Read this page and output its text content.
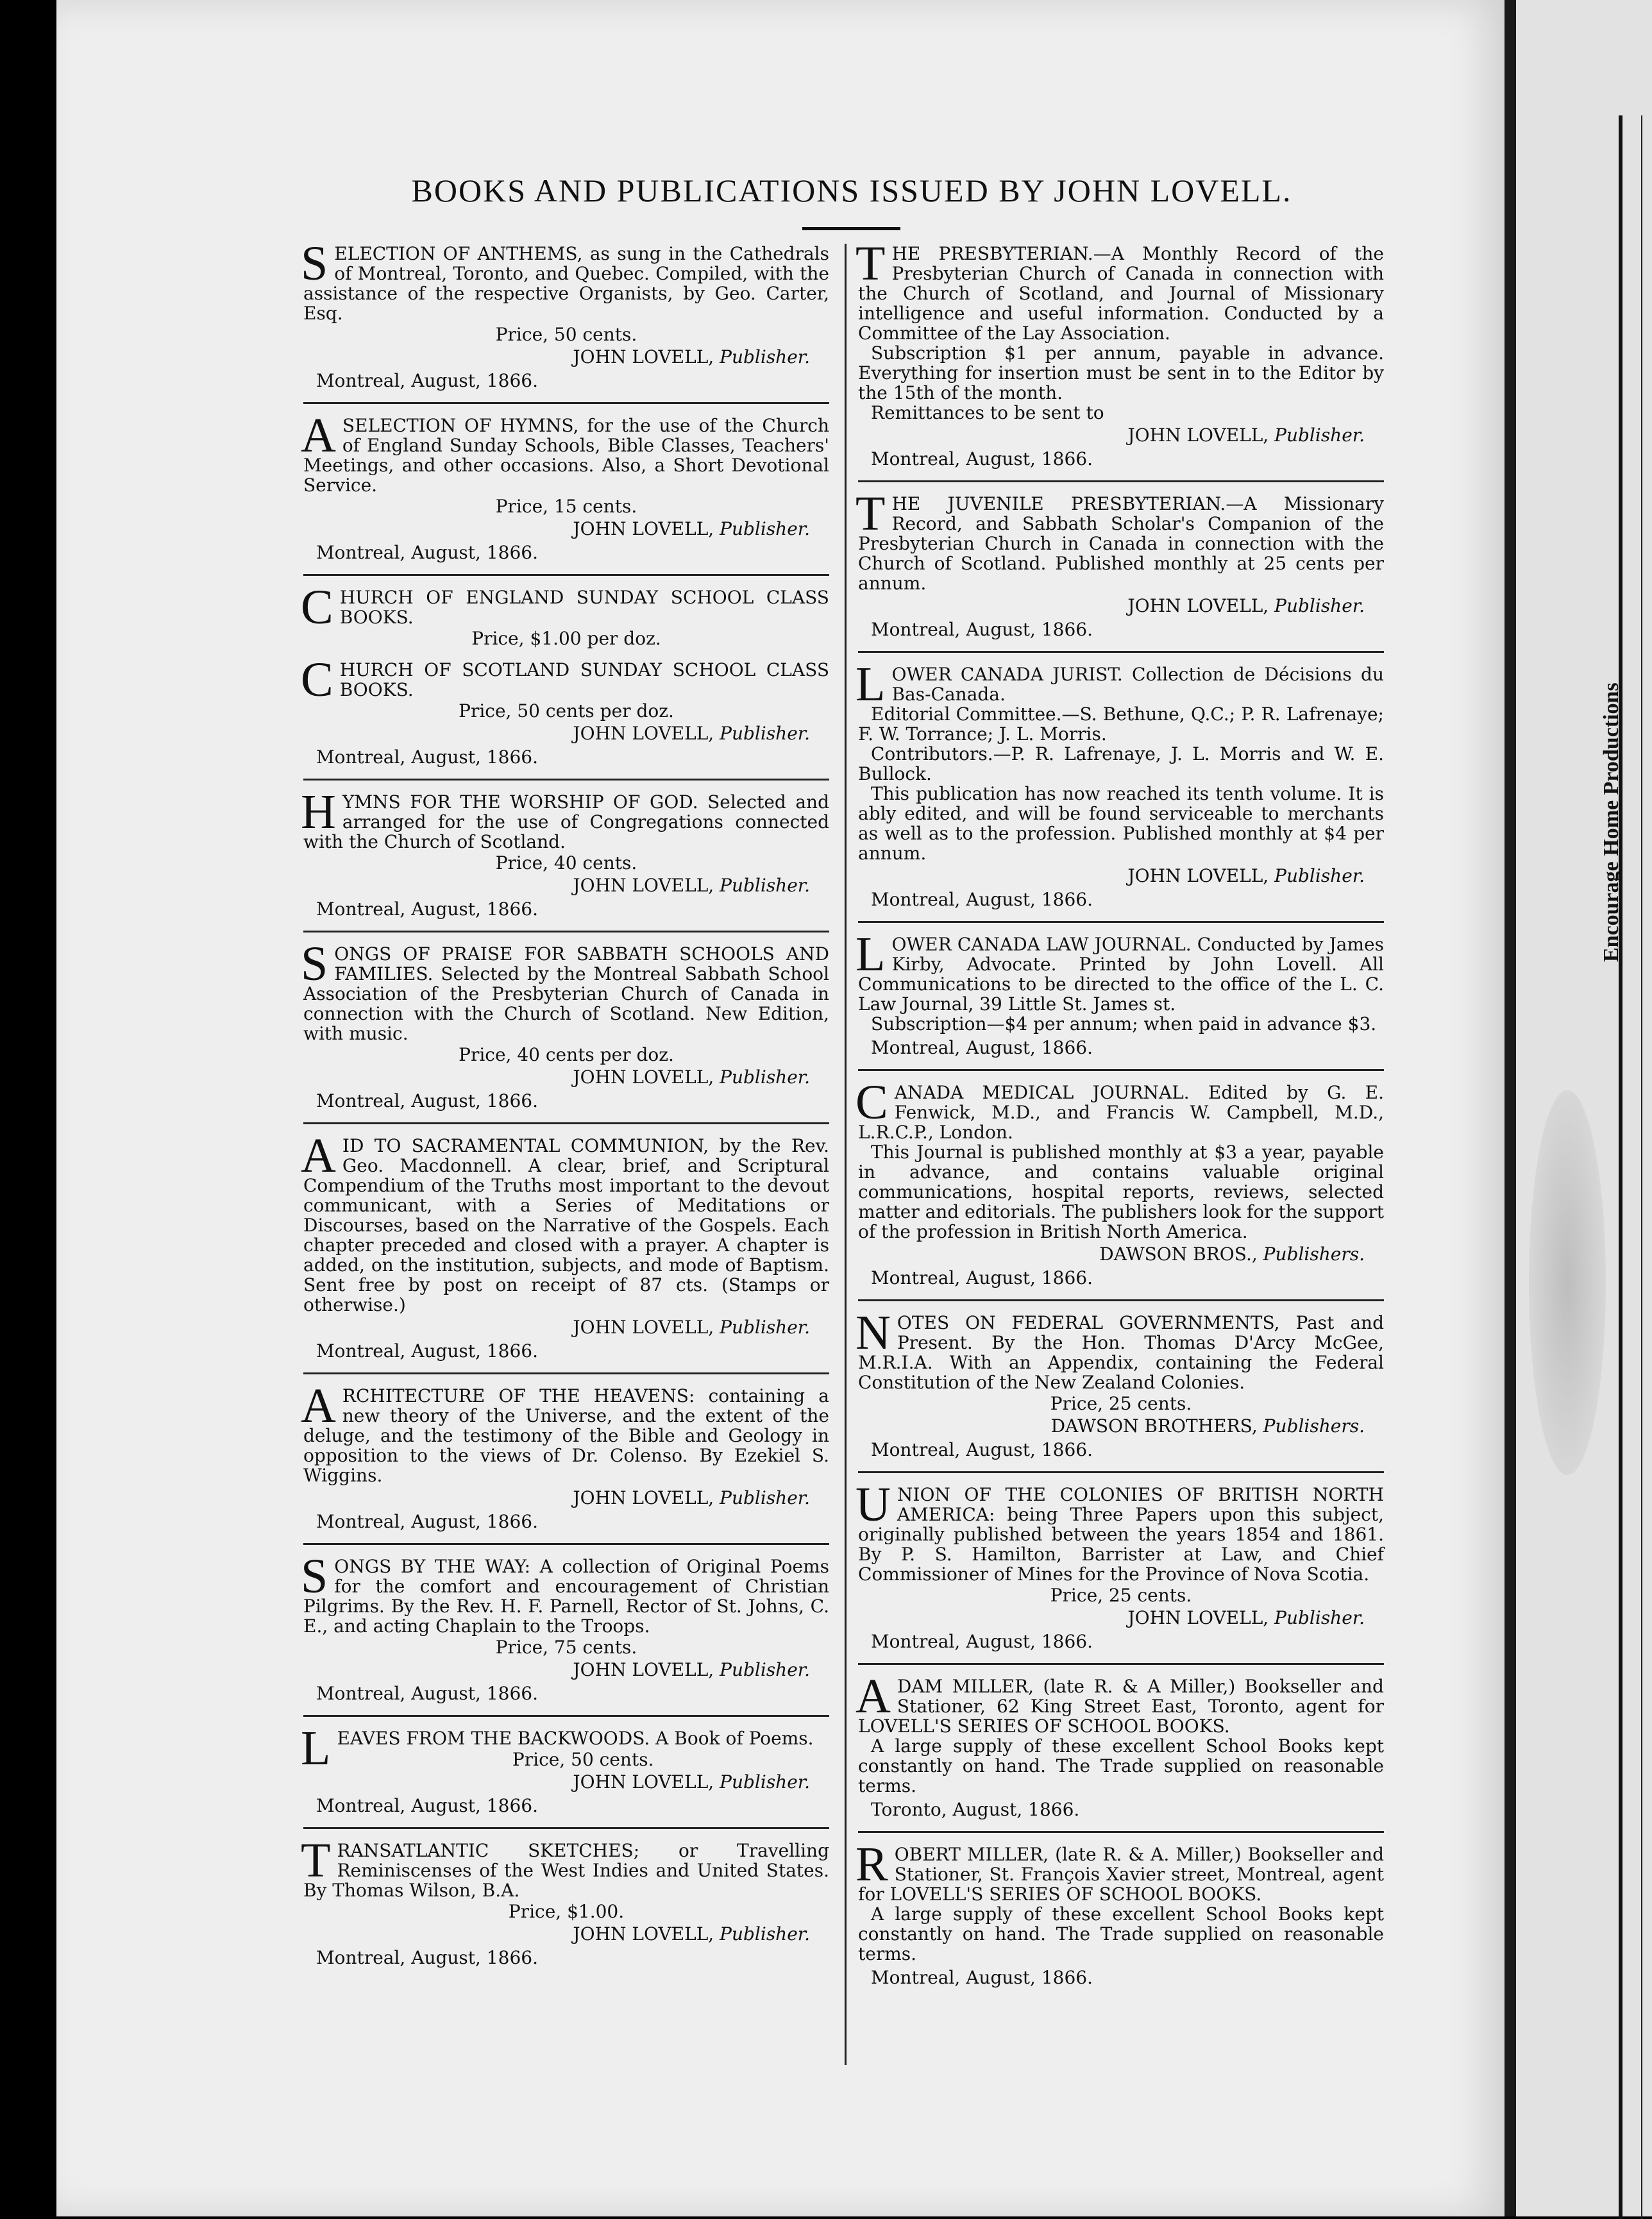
BOOKS AND PUBLICATIONS ISSUED BY JOHN LOVELL.

SELECTION OF ANTHEMS, as sung in the Cathedrals of Montreal, Toronto, and Quebec. Compiled, with the assistance of the respective Organists, by Geo. Carter, Esq.

Price, 50 cents.

JOHN LOVELL, Publisher.

Montreal, August, 1866.

ASELECTION OF HYMNS, for the use of the Church of England Sunday Schools, Bible Classes, Teachers' Meetings, and other occasions. Also, a Short Devotional Service.

Price, 15 cents.

JOHN LOVELL, Publisher.

Montreal, August, 1866.

CHURCH OF ENGLAND SUNDAY SCHOOL CLASS BOOKS.

Price, $1.00 per doz.

CHURCH OF SCOTLAND SUNDAY SCHOOL CLASS BOOKS.

Price, 50 cents per doz.

JOHN LOVELL, Publisher.

Montreal, August, 1866.

HYMNS FOR THE WORSHIP OF GOD. Selected and arranged for the use of Congregations connected with the Church of Scotland.

Price, 40 cents.

JOHN LOVELL, Publisher.

Montreal, August, 1866.

SONGS OF PRAISE FOR SABBATH SCHOOLS AND FAMILIES. Selected by the Montreal Sabbath School Association of the Presbyterian Church of Canada in connection with the Church of Scotland. New Edition, with music.

Price, 40 cents per doz.

JOHN LOVELL, Publisher.

Montreal, August, 1866.

AID TO SACRAMENTAL COMMUNION, by the Rev. Geo. Macdonnell. A clear, brief, and Scriptural Compendium of the Truths most important to the devout communicant, with a Series of Meditations or Discourses, based on the Narrative of the Gospels. Each chapter preceded and closed with a prayer. A chapter is added, on the institution, subjects, and mode of Baptism. Sent free by post on receipt of 87 cts. (Stamps or otherwise.)

JOHN LOVELL, Publisher.

Montreal, August, 1866.

ARCHITECTURE OF THE HEAVENS: containing a new theory of the Universe, and the extent of the deluge, and the testimony of the Bible and Geology in opposition to the views of Dr. Colenso. By Ezekiel S. Wiggins.

JOHN LOVELL, Publisher.

Montreal, August, 1866.

SONGS BY THE WAY: A collection of Original Poems for the comfort and encouragement of Christian Pilgrims. By the Rev. H. F. Parnell, Rector of St. Johns, C. E., and acting Chaplain to the Troops.

Price, 75 cents.

JOHN LOVELL, Publisher.

Montreal, August, 1866.

LEAVES FROM THE BACKWOODS. A Book of Poems.

Price, 50 cents.

JOHN LOVELL, Publisher.

Montreal, August, 1866.

TRANSATLANTIC SKETCHES; or Travelling Reminiscenses of the West Indies and United States. By Thomas Wilson, B.A.

Price, $1.00.

JOHN LOVELL, Publisher.

Montreal, August, 1866.

THE PRESBYTERIAN.—A Monthly Record of the Presbyterian Church of Canada in connection with the Church of Scotland, and Journal of Missionary intelligence and useful information. Conducted by a Committee of the Lay Association.

Subscription $1 per annum, payable in advance. Everything for insertion must be sent in to the Editor by the 15th of the month.

Remittances to be sent to

JOHN LOVELL, Publisher.

Montreal, August, 1866.

THE JUVENILE PRESBYTERIAN.—A Missionary Record, and Sabbath Scholar's Companion of the Presbyterian Church in Canada in connection with the Church of Scotland. Published monthly at 25 cents per annum.

JOHN LOVELL, Publisher.

Montreal, August, 1866.

LOWER CANADA JURIST. Collection de Décisions du Bas-Canada.

Editorial Committee.—S. Bethune, Q.C.; P. R. Lafrenaye; F. W. Torrance; J. L. Morris.

Contributors.—P. R. Lafrenaye, J. L. Morris and W. E. Bullock.

This publication has now reached its tenth volume. It is ably edited, and will be found serviceable to merchants as well as to the profession. Published monthly at $4 per annum.

JOHN LOVELL, Publisher.

Montreal, August, 1866.

LOWER CANADA LAW JOURNAL. Conducted by James Kirby, Advocate. Printed by John Lovell. All Communications to be directed to the office of the L. C. Law Journal, 39 Little St. James st.

Subscription—$4 per annum; when paid in advance $3.

Montreal, August, 1866.

CANADA MEDICAL JOURNAL. Edited by G. E. Fenwick, M.D., and Francis W. Campbell, M.D., L.R.C.P., London.

This Journal is published monthly at $3 a year, payable in advance, and contains valuable original communications, hospital reports, reviews, selected matter and editorials. The publishers look for the support of the profession in British North America.

DAWSON BROS., Publishers.

Montreal, August, 1866.

NOTES ON FEDERAL GOVERNMENTS, Past and Present. By the Hon. Thomas D'Arcy McGee, M.R.I.A. With an Appendix, containing the Federal Constitution of the New Zealand Colonies.

Price, 25 cents.

DAWSON BROTHERS, Publishers.

Montreal, August, 1866.

UNION OF THE COLONIES OF BRITISH NORTH AMERICA: being Three Papers upon this subject, originally published between the years 1854 and 1861. By P. S. Hamilton, Barrister at Law, and Chief Commissioner of Mines for the Province of Nova Scotia.

Price, 25 cents.

JOHN LOVELL, Publisher.

Montreal, August, 1866.

ADAM MILLER, (late R. & A Miller,) Bookseller and Stationer, 62 King Street East, Toronto, agent for LOVELL'S SERIES OF SCHOOL BOOKS.

A large supply of these excellent School Books kept constantly on hand. The Trade supplied on reasonable terms.

Toronto, August, 1866.

ROBERT MILLER, (late R. & A. Miller,) Bookseller and Stationer, St. François Xavier street, Montreal, agent for LOVELL'S SERIES OF SCHOOL BOOKS.

A large supply of these excellent School Books kept constantly on hand. The Trade supplied on reasonable terms.

Montreal, August, 1866.

Encourage Home Productions
